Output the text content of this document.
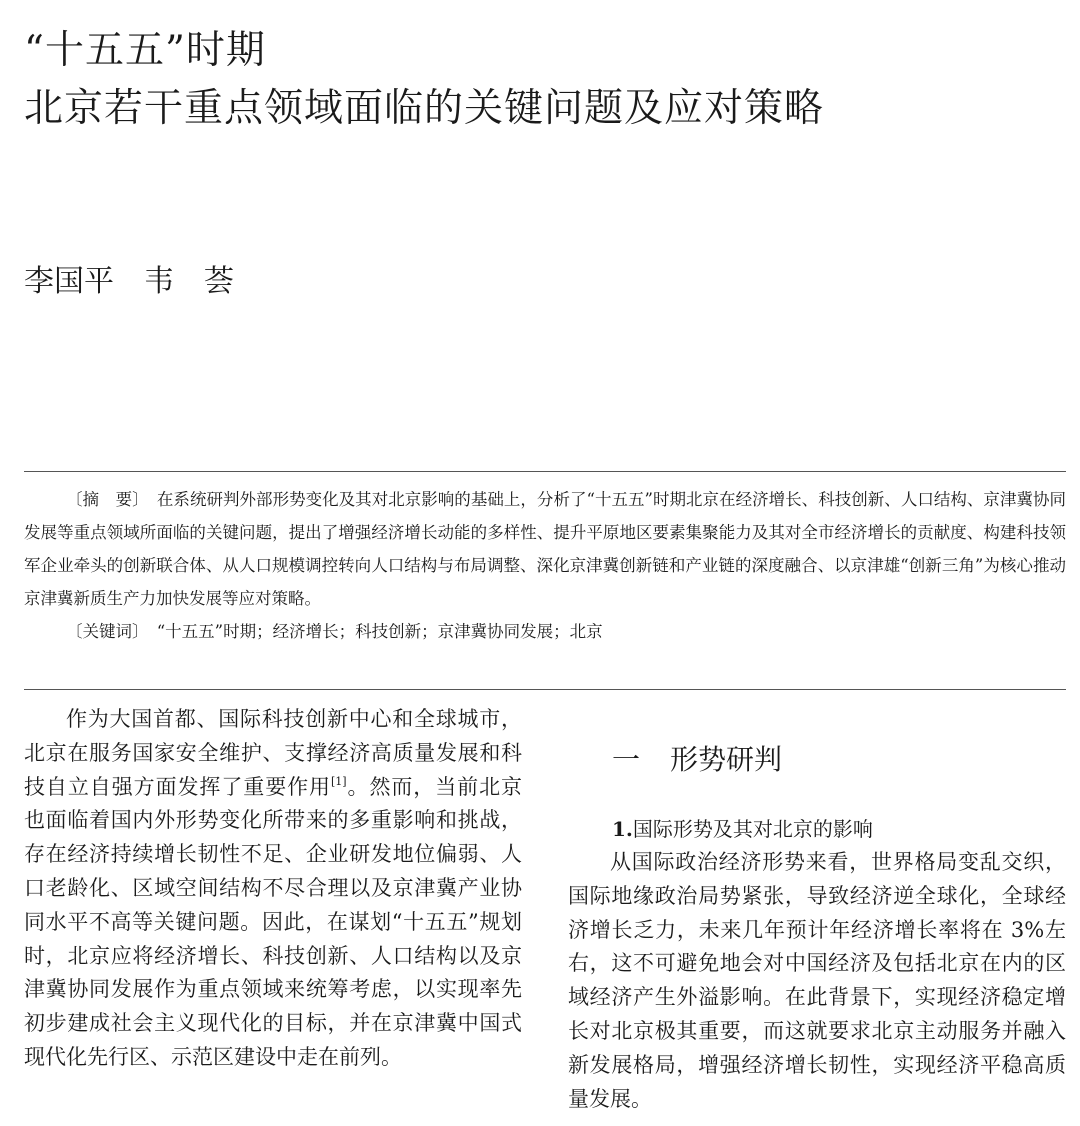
“十五五”时期
北京若干重点领域面临的关键问题及应对策略
李国平 韦　荟

〔摘　要〕　 在系统研判外部形势变化及其对北京影响的基础上，分析了“十五五”时期北京在经济增长、科技创新、人口结构、京津冀协同发展等重点领域所面临的关键问题，提出了增强经济增长动能的多样性、提升平原地区要素集聚能力及其对全市经济增长的贡献度、构建科技领军企业牵头的创新联合体、从人口规模调控转向人口结构与布局调整、深化京津冀创新链和产业链的深度融合、以京津雄“创新三角”为核心推动京津冀新质生产力加快发展等应对策略。

〔关键词〕　 “十五五”时期；经济增长；科技创新；京津冀协同发展；北京

作为大国首都、国际科技创新中心和全球城市，北京在服务国家安全维护、支撑经济高质量发展和科技自立自强方面发挥了重要作用[1]。然而，当前北京也面临着国内外形势变化所带来的多重影响和挑战，存在经济持续增长韧性不足、企业研发地位偏弱、人口老龄化、区域空间结构不尽合理以及京津冀产业协同水平不高等关键问题。因此，在谋划“十五五”规划时，北京应将经济增长、科技创新、人口结构以及京津冀协同发展作为重点领域来统筹考虑，以实现率先初步建成社会主义现代化的目标，并在京津冀中国式现代化先行区、示范区建设中走在前列。

一 形势研判
1.国际形势及其对北京的影响

从国际政治经济形势来看，世界格局变乱交织，国际地缘政治局势紧张，导致经济逆全球化，全球经济增长乏力，未来几年预计年经济增长率将在 3%左右，这不可避免地会对中国经济及包括北京在内的区域经济产生外溢影响。在此背景下，实现经济稳定增长对北京极其重要，而这就要求北京主动服务并融入新发展格局，增强经济增长韧性，实现经济平稳高质量发展。
